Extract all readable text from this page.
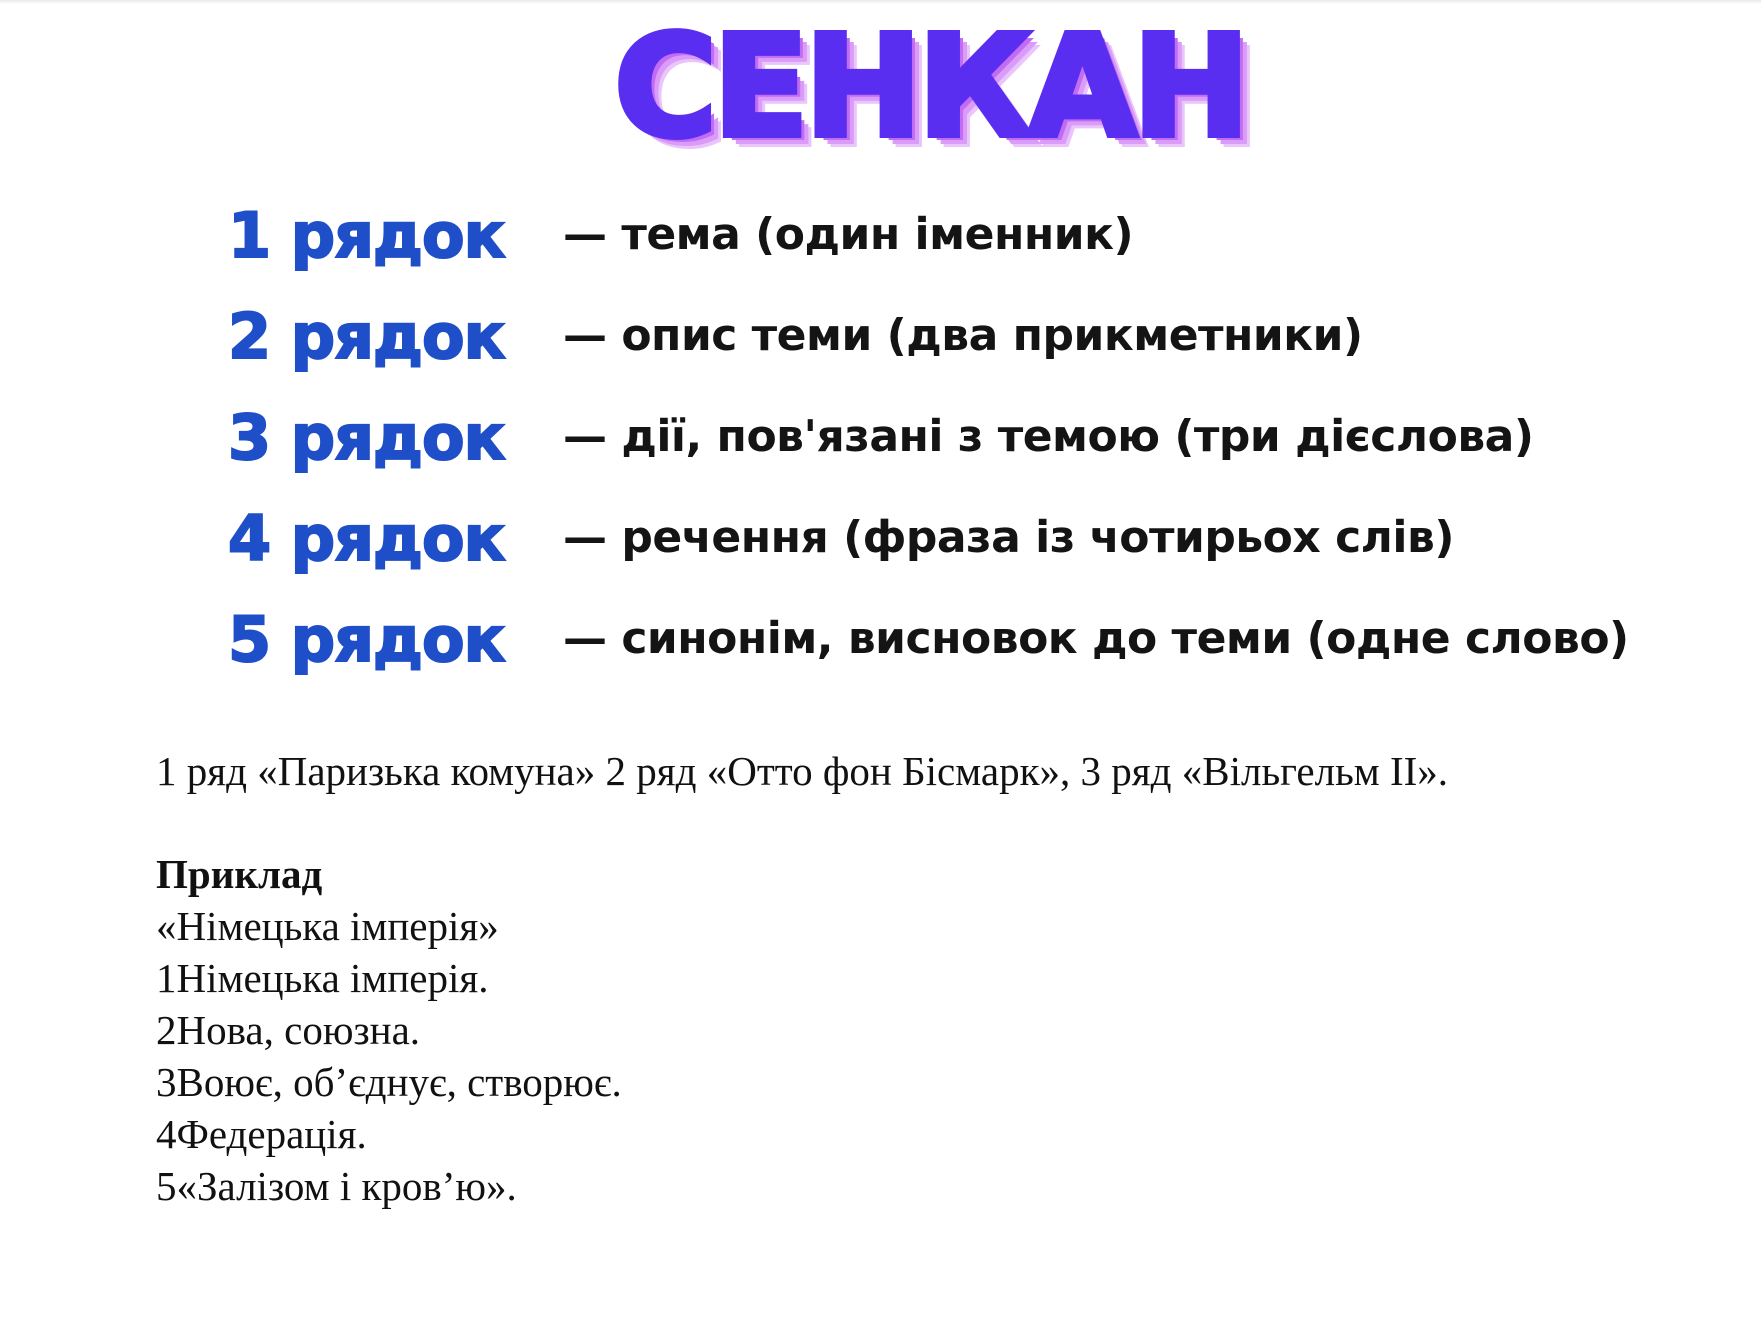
СЕНКАН
1 рядок — тема (один іменник)
2 рядок — опис теми (два прикметники)
3 рядок — дії, пов'язані з темою (три дієслова)
4 рядок — речення (фраза із чотирьох слів)
5 рядок — синонім, висновок до теми (одне слово)
1 ряд «Паризька комуна» 2 ряд «Отто фон Бісмарк», 3 ряд «Вільгельм ІІ».
Приклад
«Німецька імперія»
1Німецька імперія.
2Нова, союзна.
3Воює, об’єднує, створює.
4Федерація.
5«Залізом і кров’ю».
